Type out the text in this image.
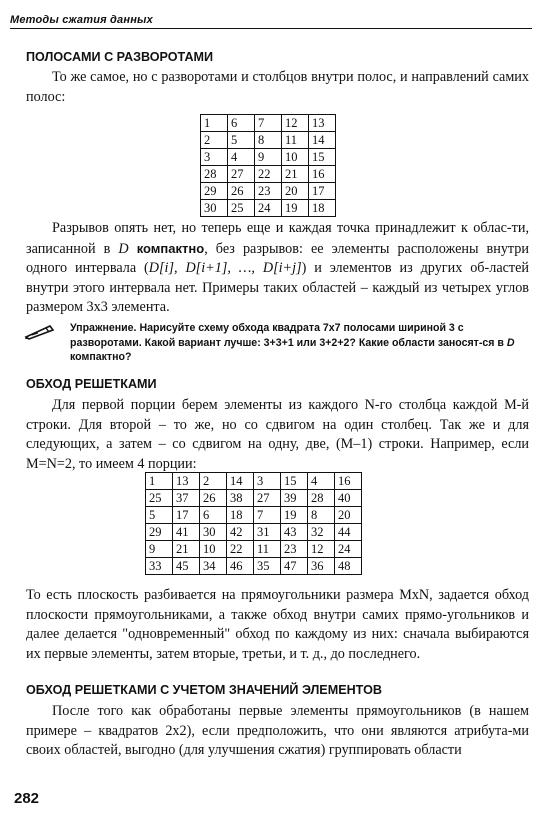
Методы сжатия данных
ПОЛОСАМИ С РАЗВОРОТАМИ
То же самое, но с разворотами и столбцов внутри полос, и направлений самих полос:
1	6	7	12	13
2	5	8	11	14
3	4	9	10	15
28	27	22	21	16
29	26	23	20	17
30	25	24	19	18
Разрывов опять нет, но теперь еще и каждая точка принадлежит к облас-ти, записанной в D компактно, без разрывов: ее элементы расположены внутри одного интервала (D[i], D[i+1], …, D[i+j]) и элементов из других об-ластей внутри этого интервала нет. Примеры таких областей – каждый из четырех углов размером 3x3 элемента.
Упражнение. Нарисуйте схему обхода квадрата 7x7 полосами шириной 3 с разворотами. Какой вариант лучше: 3+3+1 или 3+2+2? Какие области заносят-ся в D компактно?
ОБХОД РЕШЕТКАМИ
Для первой порции берем элементы из каждого N-го столбца каждой M-й строки. Для второй – то же, но со сдвигом на один столбец. Так же и для следующих, а затем – со сдвигом на одну, две, (M–1) строки. Например, если M=N=2, то имеем 4 порции:
1	13	2	14	3	15	4	16
25	37	26	38	27	39	28	40
5	17	6	18	7	19	8	20
29	41	30	42	31	43	32	44
9	21	10	22	11	23	12	24
33	45	34	46	35	47	36	48
То есть плоскость разбивается на прямоугольники размера MxN, задается обход плоскости прямоугольниками, а также обход внутри самих прямо-угольников и далее делается "одновременный" обход по каждому из них: сначала выбираются их первые элементы, затем вторые, третьи, и т. д., до последнего.
ОБХОД РЕШЕТКАМИ С УЧЕТОМ ЗНАЧЕНИЙ ЭЛЕМЕНТОВ
После того как обработаны первые элементы прямоугольников (в нашем примере – квадратов 2x2), если предположить, что они являются атрибута-ми своих областей, выгодно (для улучшения сжатия) группировать области
282
